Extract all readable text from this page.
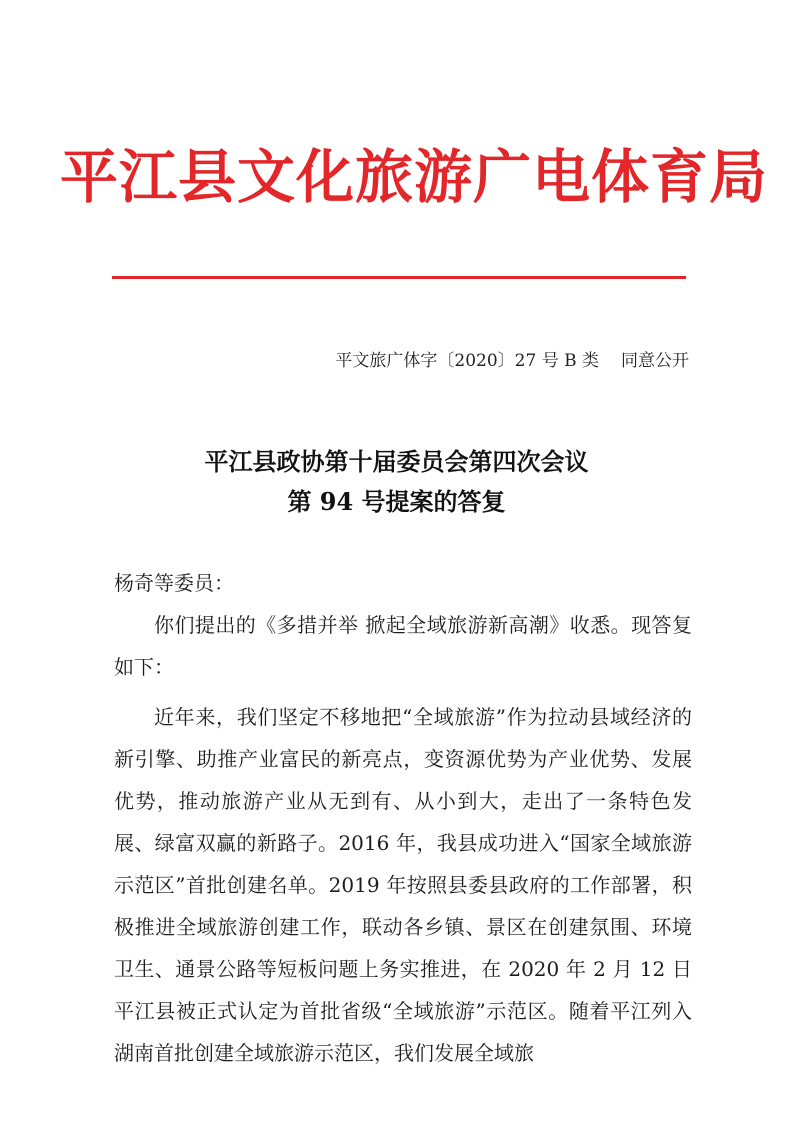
平江县文化旅游广电体育局
平文旅广体字〔2020〕27 号 B 类 同意公开
平江县政协第十届委员会第四次会议
第 94 号提案的答复

杨奇等委员：

你们提出的《多措并举 掀起全域旅游新高潮》收悉。现答复如下：

近年来，我们坚定不移地把“全域旅游”作为拉动县域经济的新引擎、助推产业富民的新亮点，变资源优势为产业优势、发展优势，推动旅游产业从无到有、从小到大，走出了一条特色发展、绿富双赢的新路子。2016 年，我县成功进入“国家全域旅游示范区”首批创建名单。2019 年按照县委县政府的工作部署，积极推进全域旅游创建工作，联动各乡镇、景区在创建氛围、环境卫生、通景公路等短板问题上务实推进，在 2020 年 2 月 12 日平江县被正式认定为首批省级“全域旅游”示范区。随着平江列入湖南首批创建全域旅游示范区，我们发展全域旅
